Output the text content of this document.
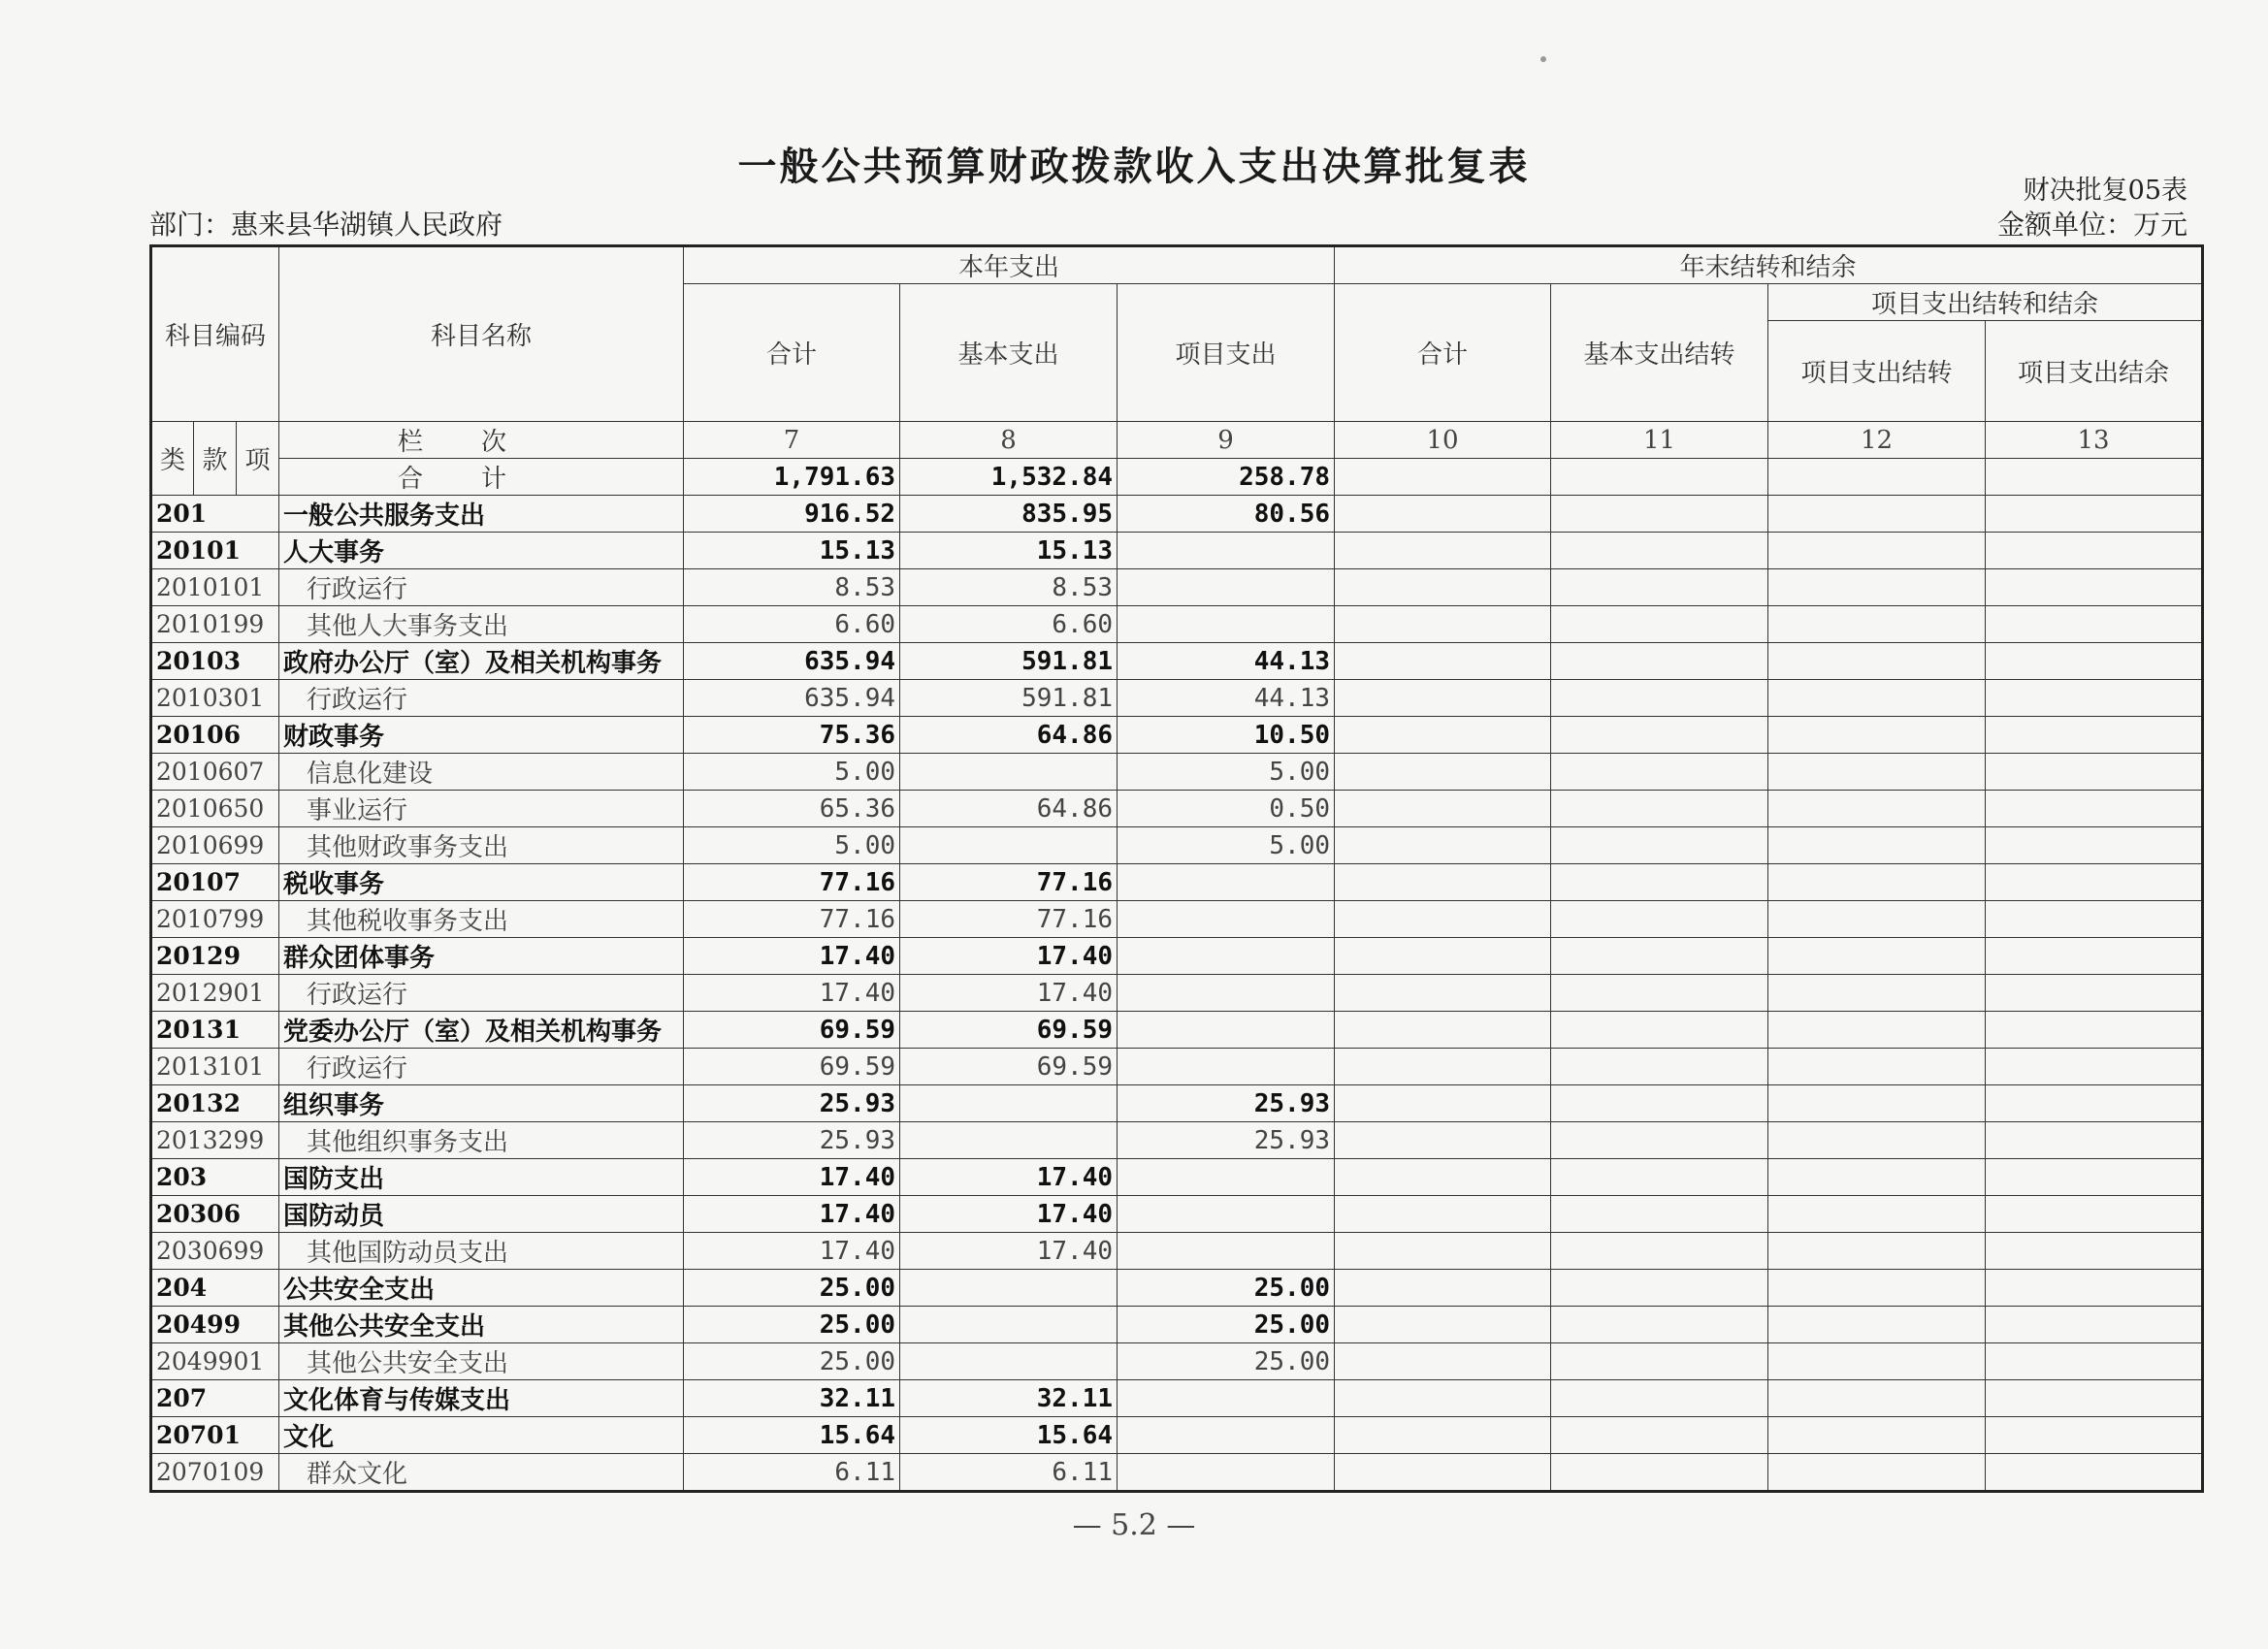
一般公共预算财政拨款收入支出决算批复表
财决批复05表
部门：惠来县华湖镇人民政府	金额单位：万元
科目编码			科目名称	本年支出			年末结转和结余			
				合计	基本支出	项目支出	合计	基本支出结转	项目支出结转和结余	
									项目支出结转	项目支出结余
类	款	项	栏次	7	8	9	10	11	12	13
			合计	1,791.63	1,532.84	258.78				
201			一般公共服务支出	916.52	835.95	80.56				
20101			人大事务	15.13	15.13					
2010101			行政运行	8.53	8.53					
2010199			其他人大事务支出	6.60	6.60					
20103			政府办公厅（室）及相关机构事务	635.94	591.81	44.13				
2010301			行政运行	635.94	591.81	44.13				
20106			财政事务	75.36	64.86	10.50				
2010607			信息化建设	5.00		5.00				
2010650			事业运行	65.36	64.86	0.50				
2010699			其他财政事务支出	5.00		5.00				
20107			税收事务	77.16	77.16					
2010799			其他税收事务支出	77.16	77.16					
20129			群众团体事务	17.40	17.40					
2012901			行政运行	17.40	17.40					
20131			党委办公厅（室）及相关机构事务	69.59	69.59					
2013101			行政运行	69.59	69.59					
20132			组织事务	25.93		25.93				
2013299			其他组织事务支出	25.93		25.93				
203			国防支出	17.40	17.40					
20306			国防动员	17.40	17.40					
2030699			其他国防动员支出	17.40	17.40					
204			公共安全支出	25.00		25.00				
20499			其他公共安全支出	25.00		25.00				
2049901			其他公共安全支出	25.00		25.00				
207			文化体育与传媒支出	32.11	32.11					
20701			文化	15.64	15.64					
2070109			群众文化	6.11	6.11					
— 5.2 —
